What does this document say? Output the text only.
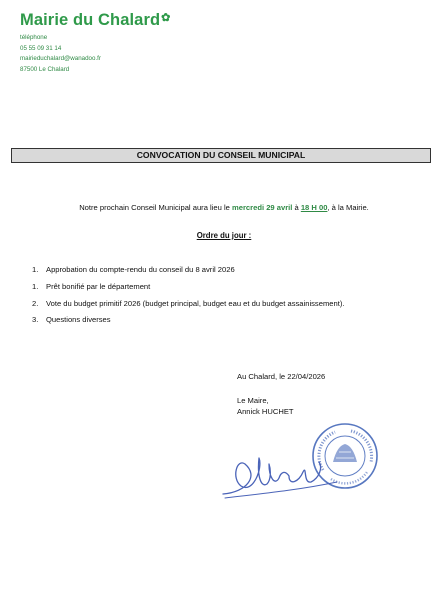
Mairie du Chalard✿
téléphone
05 55 09 31 14
mairieduchalard@wanadoo.fr
87500 Le Chalard
CONVOCATION DU CONSEIL MUNICIPAL
Notre prochain Conseil Municipal aura lieu le mercredi 29 avril à 18 H 00, à la Mairie.
Ordre du jour :
1. Approbation du compte-rendu du conseil du 8 avril 2026
1. Prêt bonifié par le département
2. Vote du budget primitif 2026 (budget principal, budget eau et du budget assainissement).
3. Questions diverses
Au Chalard, le 22/04/2026
Le Maire,
Annick HUCHET
